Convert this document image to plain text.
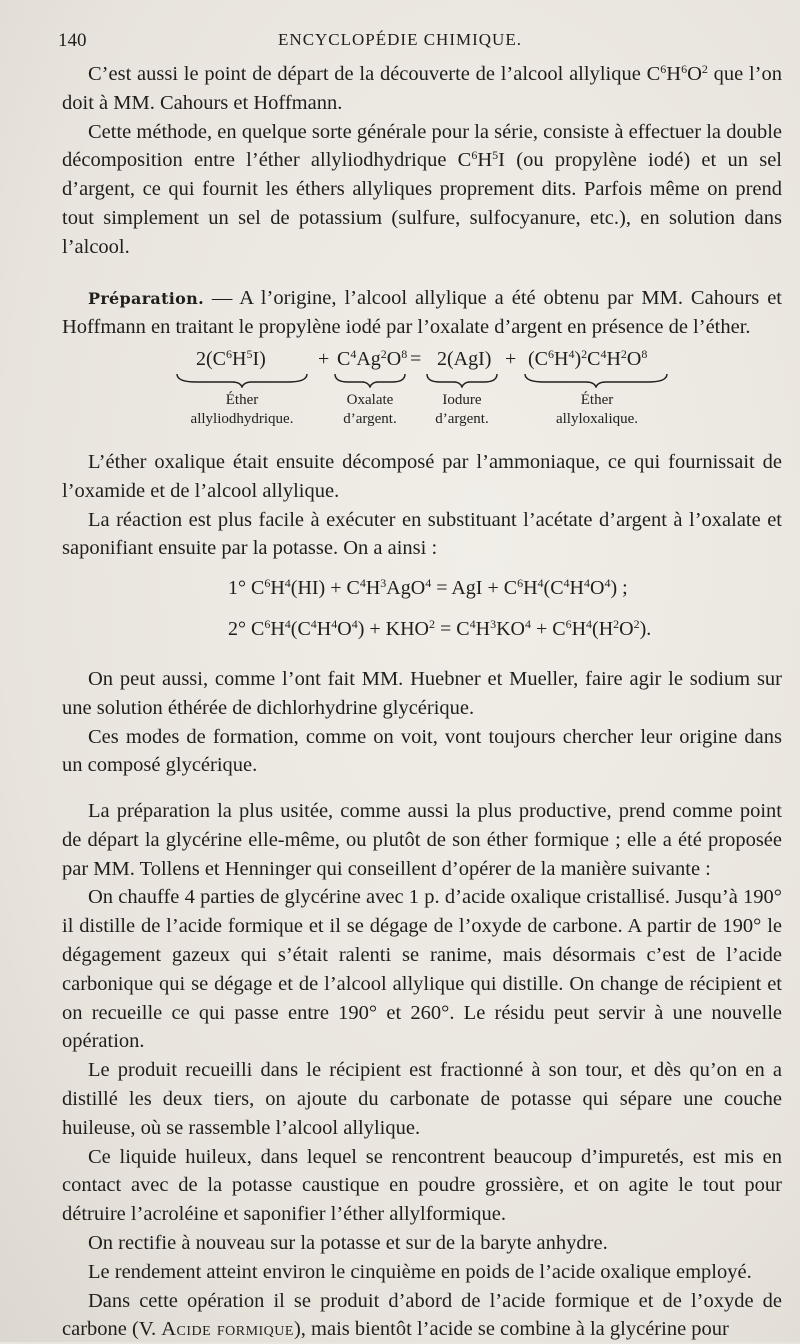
140	ENCYCLOPÉDIE CHIMIQUE.

C’est aussi le point de départ de la découverte de l’alcool allylique $C^6H^6O^2$ que l’on doit à MM. Cahours et Hoffmann.

Cette méthode, en quelque sorte générale pour la série, consiste à effectuer la double décomposition entre l’éther allyliodhydrique $C^6H^5I$ (ou propylène iodé) et un sel d’argent, ce qui fournit les éthers allyliques proprement dits. Parfois même on prend tout simplement un sel de potassium (sulfure, sulfocyanure, etc.), en solution dans l’alcool.

Préparation. — A l’origine, l’alcool allylique a été obtenu par MM. Cahours et Hoffmann en traitant le propylène iodé par l’oxalate d’argent en présence de l’éther.

$2(C^6H^5I)$	+ $C^4Ag^2O^8 = 2(AgI) + (C^6H^4)^2C^4H^2O^8$
Éther
allyliodhydrique.
Oxalate
d’argent.
Iodure
d’argent.
Éther
allyloxalique.

L’éther oxalique était ensuite décomposé par l’ammoniaque, ce qui fournissait de l’oxamide et de l’alcool allylique.

La réaction est plus facile à exécuter en substituant l’acétate d’argent à l’oxalate et saponifiant ensuite par la potasse. On a ainsi :

1° $C^6H^4(HI) + C^4H^3AgO^4$ = AgI + $C^6H^4(C^4H^4O^4)$ ;
2° $C^6H^4(C^4H^4O^4) + KHO^2 = C^4H^3KO^4 + C^6H^4(H^2O^2)$.

On peut aussi, comme l’ont fait MM. Huebner et Mueller, faire agir le sodium sur une solution éthérée de dichlorhydrine glycérique.

Ces modes de formation, comme on voit, vont toujours chercher leur origine dans un composé glycérique.

La préparation la plus usitée, comme aussi la plus productive, prend comme point de départ la glycérine elle-même, ou plutôt de son éther formique ; elle a été proposée par MM. Tollens et Henninger qui conseillent d’opérer de la manière suivante :

On chauffe 4 parties de glycérine avec 1 p. d’acide oxalique cristallisé. Jusqu’à 190° il distille de l’acide formique et il se dégage de l’oxyde de carbone. A partir de 190° le dégagement gazeux qui s’était ralenti se ranime, mais désormais c’est de l’acide carbonique qui se dégage et de l’alcool allylique qui distille. On change de récipient et on recueille ce qui passe entre 190° et 260°. Le résidu peut servir à une nouvelle opération.

Le produit recueilli dans le récipient est fractionné à son tour, et dès qu’on en a distillé les deux tiers, on ajoute du carbonate de potasse qui sépare une couche huileuse, où se rassemble l’alcool allylique.

Ce liquide huileux, dans lequel se rencontrent beaucoup d’impuretés, est mis en contact avec de la potasse caustique en poudre grossière, et on agite le tout pour détruire l’acroléine et saponifier l’éther allylformique.

On rectifie à nouveau sur la potasse et sur de la baryte anhydre.

Le rendement atteint environ le cinquième en poids de l’acide oxalique employé.

Dans cette opération il se produit d’abord de l’acide formique et de l’oxyde de carbone (V. Acide formique), mais bientôt l’acide se combine à la glycérine pour
